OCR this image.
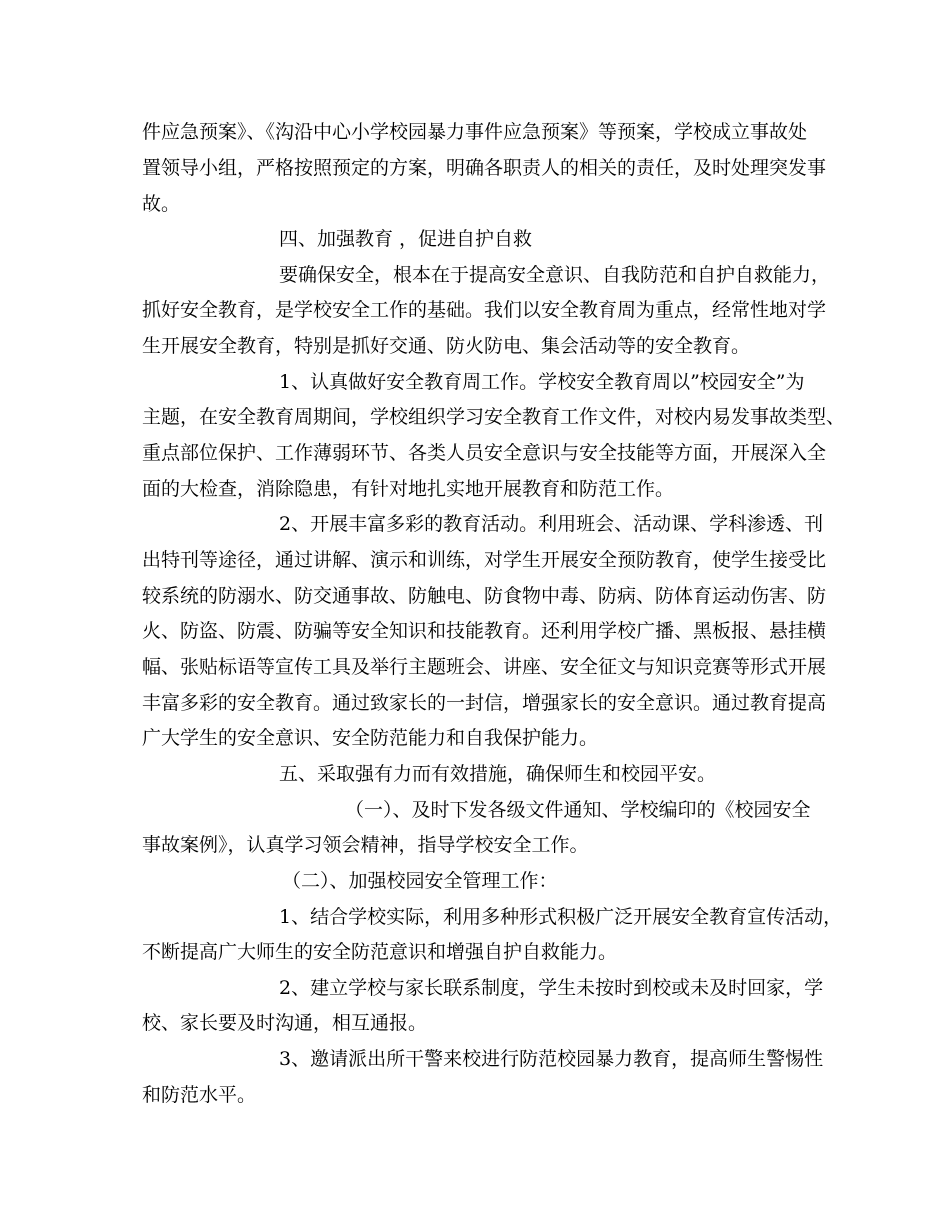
件应急预案》、《沟沿中心小学校园暴力事件应急预案》等预案，学校成立事故处
置领导小组，严格按照预定的方案，明确各职责人的相关的责任，及时处理突发事
故。
四、加强教育 ，促进自护自救
要确保安全，根本在于提高安全意识、自我防范和自护自救能力，
抓好安全教育，是学校安全工作的基础。我们以安全教育周为重点，经常性地对学
生开展安全教育，特别是抓好交通、防火防电、集会活动等的安全教育。
1、认真做好安全教育周工作。学校安全教育周以”校园安全”为
主题，在安全教育周期间，学校组织学习安全教育工作文件，对校内易发事故类型、
重点部位保护、工作薄弱环节、各类人员安全意识与安全技能等方面，开展深入全
面的大检查，消除隐患，有针对地扎实地开展教育和防范工作。
2、开展丰富多彩的教育活动。利用班会、活动课、学科渗透、刊
出特刊等途径，通过讲解、演示和训练，对学生开展安全预防教育，使学生接受比
较系统的防溺水、防交通事故、防触电、防食物中毒、防病、防体育运动伤害、防
火、防盗、防震、防骗等安全知识和技能教育。还利用学校广播、黑板报、悬挂横
幅、张贴标语等宣传工具及举行主题班会、讲座、安全征文与知识竞赛等形式开展
丰富多彩的安全教育。通过致家长的一封信，增强家长的安全意识。通过教育提高
广大学生的安全意识、安全防范能力和自我保护能力。
五、采取强有力而有效措施，确保师生和校园平安。
（一）、及时下发各级文件通知、学校编印的《校园安全
事故案例》，认真学习领会精神，指导学校安全工作。
（二）、加强校园安全管理工作：
1、结合学校实际，利用多种形式积极广泛开展安全教育宣传活动，
不断提高广大师生的安全防范意识和增强自护自救能力。
2、建立学校与家长联系制度，学生未按时到校或未及时回家，学
校、家长要及时沟通，相互通报。
3、邀请派出所干警来校进行防范校园暴力教育，提高师生警惕性
和防范水平。
